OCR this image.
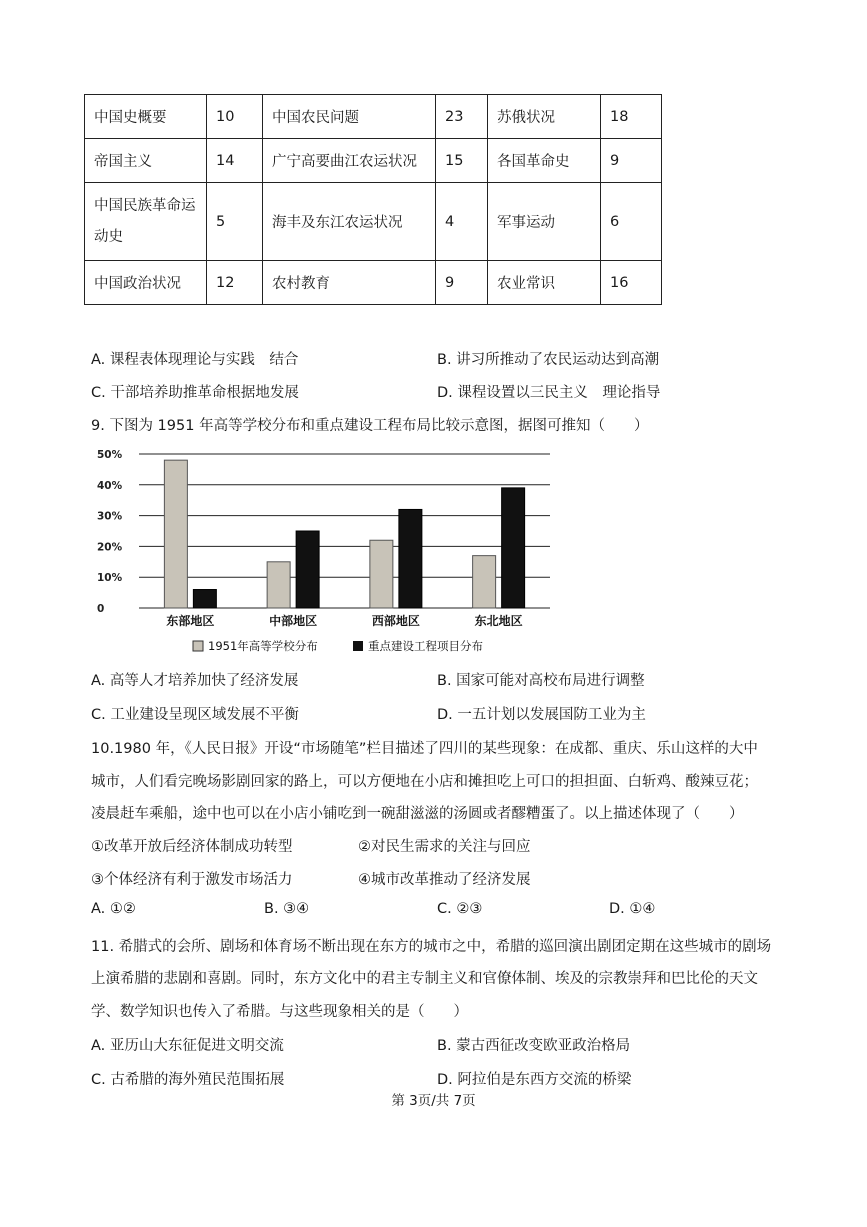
中国史概要	10	中国农民问题	23	苏俄状况	18
帝国主义	14	广宁高要曲江农运状况	15	各国革命史	9
中国民族革命运动史	5	海丰及东江农运状况	4	军事运动	6
中国政治状况	12	农村教育	9	农业常识	16
A. 课程表体现理论与实践　结合	B. 讲习所推动了农民运动达到高潮
C. 干部培养助推革命根据地发展	D. 课程设置以三民主义　理论指导
9. 下图为 1951 年高等学校分布和重点建设工程布局比较示意图，据图可推知（　　）
0
10%
20%
30%
40%
50%
东部地区	中部地区	西部地区	东北地区
1951年高等学校分布	重点建设工程项目分布
A. 高等人才培养加快了经济发展	B. 国家可能对高校布局进行调整
C. 工业建设呈现区域发展不平衡	D. 一五计划以发展国防工业为主
10.1980 年，《人民日报》开设“市场随笔”栏目描述了四川的某些现象：在成都、重庆、乐山这样的大中
城市，人们看完晚场影剧回家的路上，可以方便地在小店和摊担吃上可口的担担面、白斩鸡、酸辣豆花；
凌晨赶车乘船，途中也可以在小店小铺吃到一碗甜滋滋的汤圆或者醪糟蛋了。以上描述体现了（　　）
①改革开放后经济体制成功转型	②对民生需求的关注与回应
③个体经济有利于激发市场活力	④城市改革推动了经济发展
A. ①②	B. ③④	C. ②③	D. ①④
11. 希腊式的会所、剧场和体育场不断出现在东方的城市之中，希腊的巡回演出剧团定期在这些城市的剧场
上演希腊的悲剧和喜剧。同时，东方文化中的君主专制主义和官僚体制、埃及的宗教崇拜和巴比伦的天文
学、数学知识也传入了希腊。与这些现象相关的是（　　）
A. 亚历山大东征促进文明交流	B. 蒙古西征改变欧亚政治格局
C. 古希腊的海外殖民范围拓展	D. 阿拉伯是东西方交流的桥梁
第 3页/共 7页
